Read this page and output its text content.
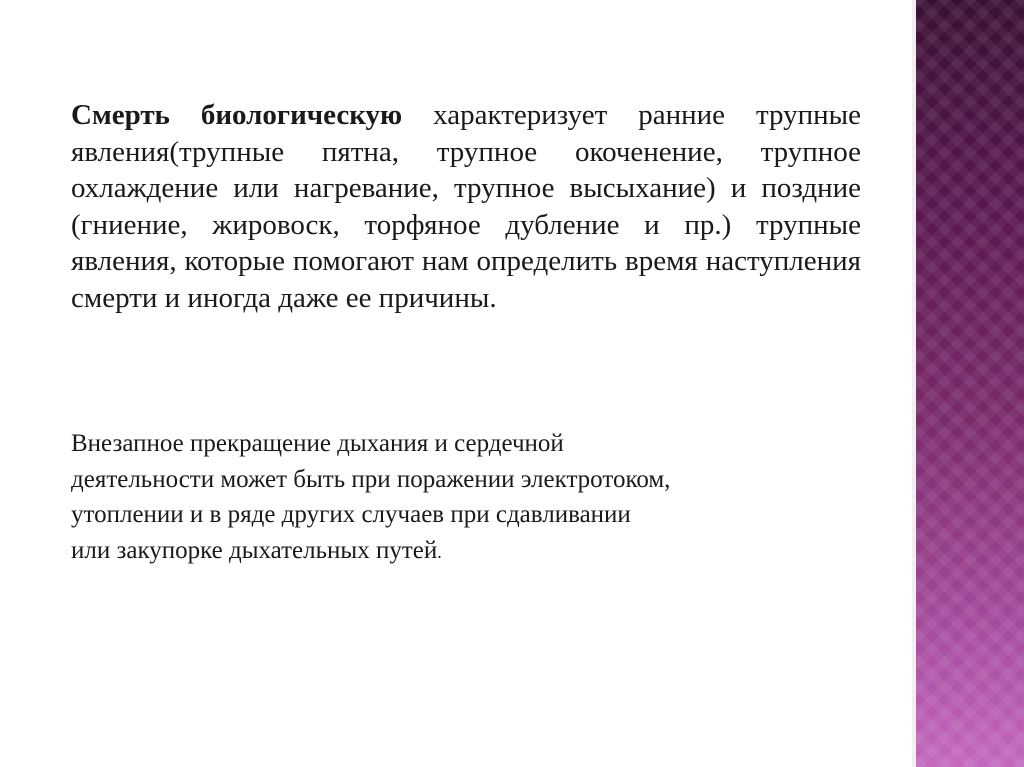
Смерть биологическую характеризует ранние трупные явления(трупные пятна, трупное окоченение, трупное охлаждение или нагревание, трупное высыхание) и поздние (гниение, жировоск, торфяное дубление и пр.) трупные явления, которые помогают нам определить время наступления смерти и иногда даже ее причины.

Внезапное прекращение дыхания и сердечной
деятельности может быть при поражении электротоком,
утоплении и в ряде других случаев при сдавливании
или закупорке дыхательных путей.
